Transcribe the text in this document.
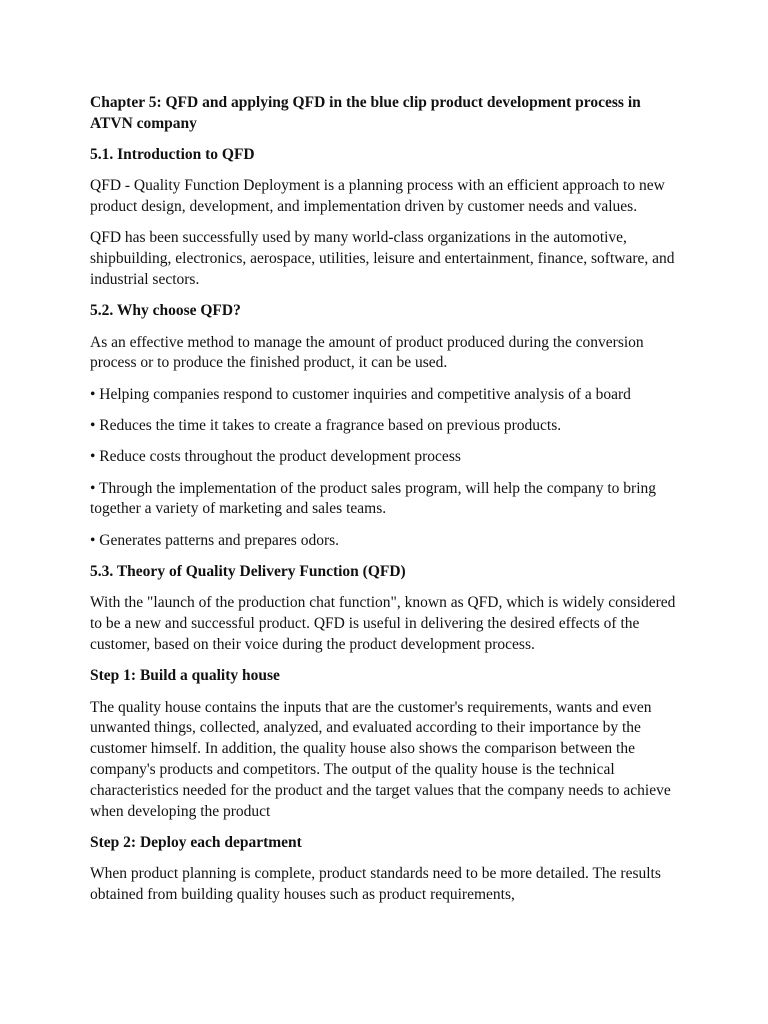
Chapter 5: QFD and applying QFD in the blue clip product development process in ATVN company
5.1. Introduction to QFD

QFD - Quality Function Deployment is a planning process with an efficient approach to new product design, development, and implementation driven by customer needs and values.

QFD has been successfully used by many world-class organizations in the automotive, shipbuilding, electronics, aerospace, utilities, leisure and entertainment, finance, software, and industrial sectors.

5.2. Why choose QFD?

As an effective method to manage the amount of product produced during the conversion process or to produce the finished product, it can be used.

• Helping companies respond to customer inquiries and competitive analysis of a board

• Reduces the time it takes to create a fragrance based on previous products.

• Reduce costs throughout the product development process

• Through the implementation of the product sales program, will help the company to bring together a variety of marketing and sales teams.

• Generates patterns and prepares odors.

5.3. Theory of Quality Delivery Function (QFD)

With the "launch of the production chat function", known as QFD, which is widely considered to be a new and successful product. QFD is useful in delivering the desired effects of the customer, based on their voice during the product development process.

Step 1: Build a quality house

The quality house contains the inputs that are the customer's requirements, wants and even unwanted things, collected, analyzed, and evaluated according to their importance by the customer himself. In addition, the quality house also shows the comparison between the company's products and competitors. The output of the quality house is the technical characteristics needed for the product and the target values that the company needs to achieve when developing the product

Step 2: Deploy each department

When product planning is complete, product standards need to be more detailed. The results obtained from building quality houses such as product requirements,
